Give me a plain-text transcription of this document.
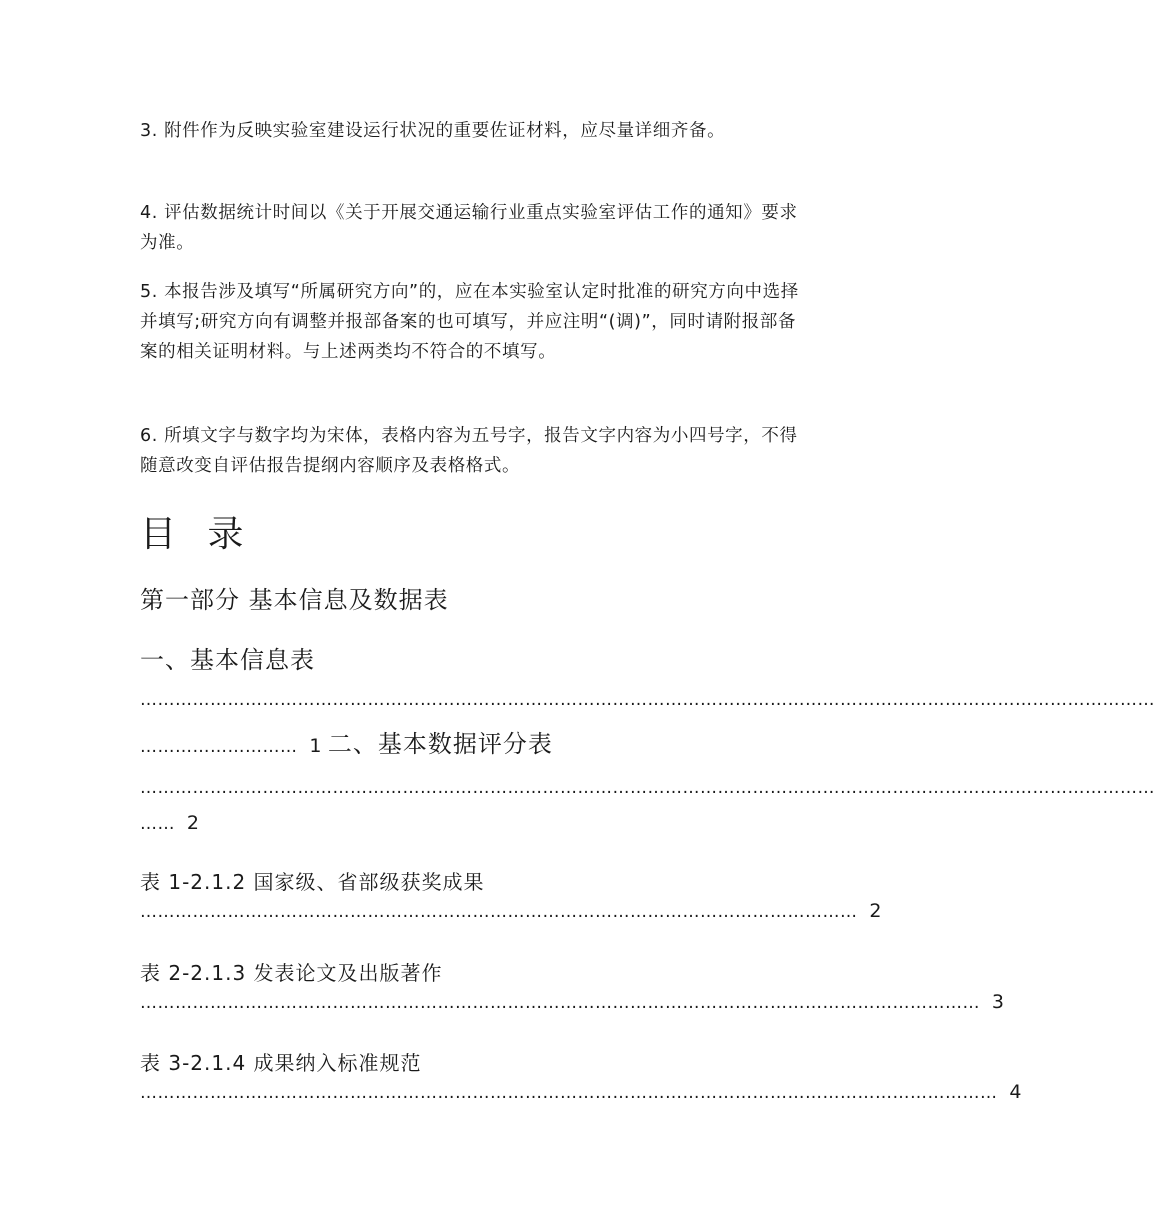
3. 附件作为反映实验室建设运行状况的重要佐证材料，应尽量详细齐备。

4. 评估数据统计时间以《关于开展交通运输行业重点实验室评估工作的通知》要求为准。

5. 本报告涉及填写“所属研究方向”的，应在本实验室认定时批准的研究方向中选择并填写;研究方向有调整并报部备案的也可填写，并应注明“(调)”，同时请附报部备案的相关证明材料。与上述两类均不符合的不填写。

6. 所填文字与数字均为宋体，表格内容为五号字，报告文字内容为小四号字，不得随意改变自评估报告提纲内容顺序及表格格式。

目 录
第一部分 基本信息及数据表
一、基本信息表
…………………………………………………………………………………………………………………………………………………………
……………………… 1 二、基本数据评分表
…………………………………………………………………………………………………………………………………………………………
…… 2
表 1-2.1.2 国家级、省部级获奖成果
…………………………………………………………………………………………………………… 2
表 2-2.1.3 发表论文及出版著作
……………………………………………………………………………………………………………………………… 3
表 3-2.1.4 成果纳入标准规范
………………………………………………………………………………………………………………………………… 4
